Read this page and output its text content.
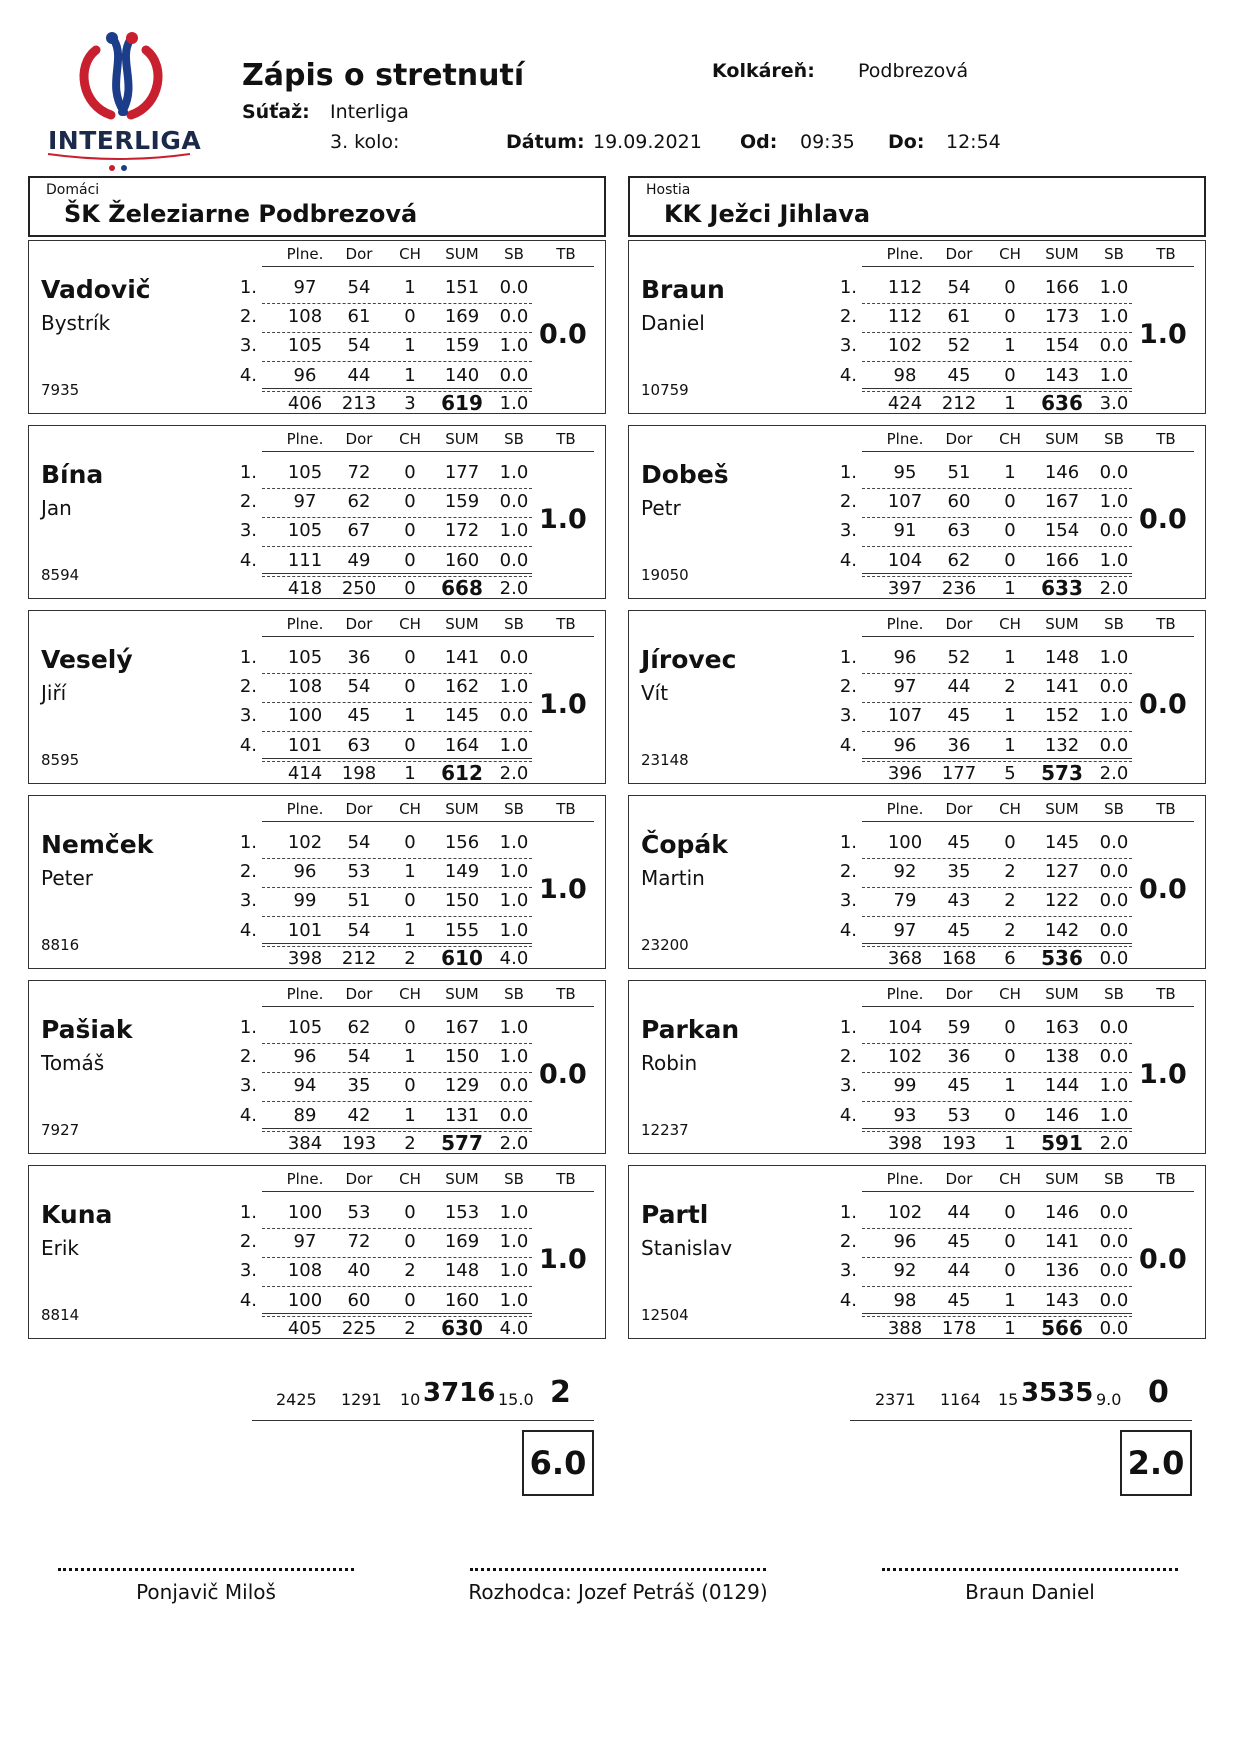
INTERLIGA
Zápis o stretnutí
Súťaž: Interliga
3. kolo:
Kolkáreň: Podbrezová
Dátum: 19.09.2021 Od: 09:35 Do: 12:54
Domáci
ŠK Železiarne Podbrezová
Hostia
KK Ježci Jihlava
Vadovič
Bystrík
7935
0.0
Plne.	Dor	CH	SUM	SB	TB
1.	97	54	1	151	0.0
2.	108	61	0	169	0.0
3.	105	54	1	159	1.0
4.	96	44	1	140	0.0
406	213	3	619 1.0
Bína
Jan
8594
1.0
Plne.	Dor	CH	SUM	SB	TB
1.	105	72	0	177	1.0
2.	97	62	0	159	0.0
3.	105	67	0	172	1.0
4.	111	49	0	160	0.0
418	250	0	668 2.0
Veselý
Jiří
8595
1.0
Plne.	Dor	CH	SUM	SB	TB
1.	105	36	0	141	0.0
2.	108	54	0	162	1.0
3.	100	45	1	145	0.0
4.	101	63	0	164	1.0
414	198	1	612 2.0
Nemček
Peter
8816
1.0
Plne.	Dor	CH	SUM	SB	TB
1.	102	54	0	156	1.0
2.	96	53	1	149	1.0
3.	99	51	0	150	1.0
4.	101	54	1	155	1.0
398	212	2	610 4.0
Pašiak
Tomáš
7927
0.0
Plne.	Dor	CH	SUM	SB	TB
1.	105	62	0	167	1.0
2.	96	54	1	150	1.0
3.	94	35	0	129	0.0
4.	89	42	1	131	0.0
384	193	2	577 2.0
Kuna
Erik
8814
1.0
Plne.	Dor	CH	SUM	SB	TB
1.	100	53	0	153	1.0
2.	97	72	0	169	1.0
3.	108	40	2	148	1.0
4.	100	60	0	160	1.0
405	225	2	630 4.0
Braun
Daniel
10759
1.0
Plne.	Dor	CH	SUM	SB	TB
1.	112	54	0	166	1.0
2.	112	61	0	173	1.0
3.	102	52	1	154	0.0
4.	98	45	0	143	1.0
424	212	1	636 3.0
Dobeš
Petr
19050
0.0
Plne.	Dor	CH	SUM	SB	TB
1.	95	51	1	146	0.0
2.	107	60	0	167	1.0
3.	91	63	0	154	0.0
4.	104	62	0	166	1.0
397	236	1	633 2.0
Jírovec
Vít
23148
0.0
Plne.	Dor	CH	SUM	SB	TB
1.	96	52	1	148	1.0
2.	97	44	2	141	0.0
3.	107	45	1	152	1.0
4.	96	36	1	132	0.0
396	177	5	573 2.0
Čopák
Martin
23200
0.0
Plne.	Dor	CH	SUM	SB	TB
1.	100	45	0	145	0.0
2.	92	35	2	127	0.0
3.	79	43	2	122	0.0
4.	97	45	2	142	0.0
368	168	6	536 0.0
Parkan
Robin
12237
1.0
Plne.	Dor	CH	SUM	SB	TB
1.	104	59	0	163	0.0
2.	102	36	0	138	0.0
3.	99	45	1	144	1.0
4.	93	53	0	146	1.0
398	193	1	591 2.0
Partl
Stanislav
12504
0.0
Plne.	Dor	CH	SUM	SB	TB
1.	102	44	0	146	0.0
2.	96	45	0	141	0.0
3.	92	44	0	136	0.0
4.	98	45	1	143	0.0
388	178	1	566 0.0
2425 1291 10 3716 15.0 2
6.0
2371 1164 15 3535 9.0 0
2.0
Ponjavič Miloš	Rozhodca: Jozef Petráš (0129)	Braun Daniel
